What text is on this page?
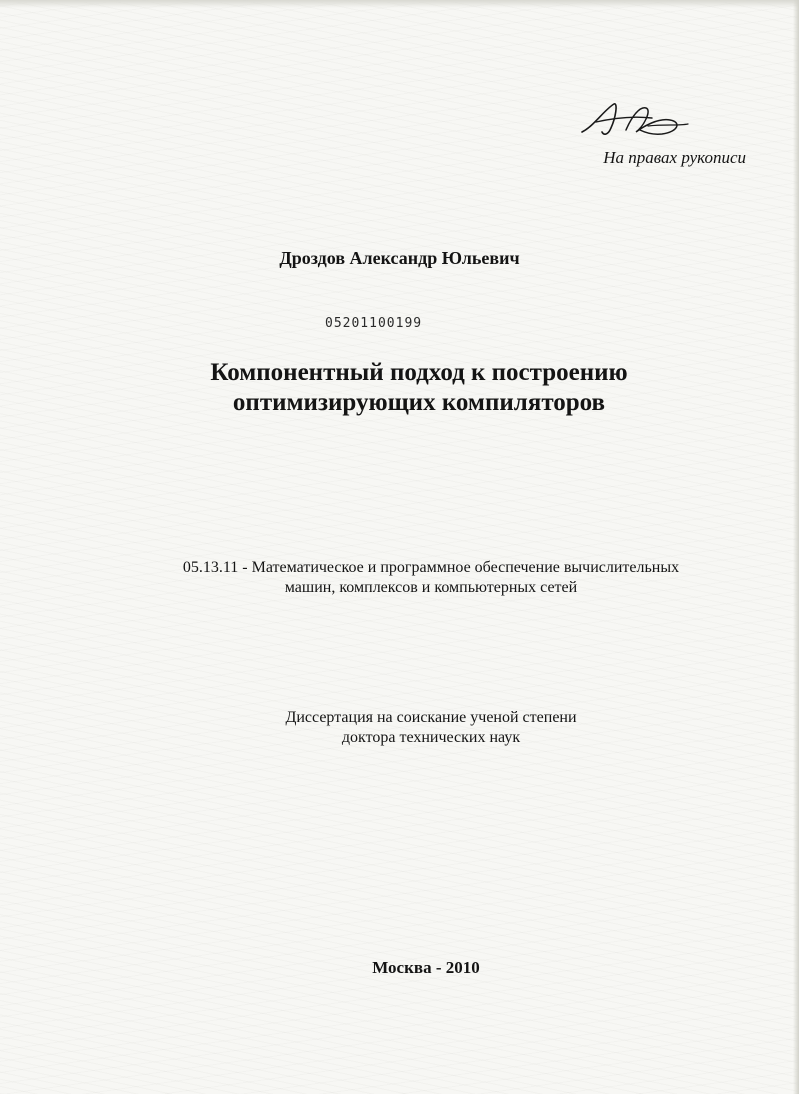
На правах рукописи
Дроздов Александр Юльевич
05201100199
Компонентный подход к построению
оптимизирующих компиляторов
05.13.11 - Математическое и программное обеспечение вычислительных
машин, комплексов и компьютерных сетей
Диссертация на соискание ученой степени
доктора технических наук
Москва - 2010
